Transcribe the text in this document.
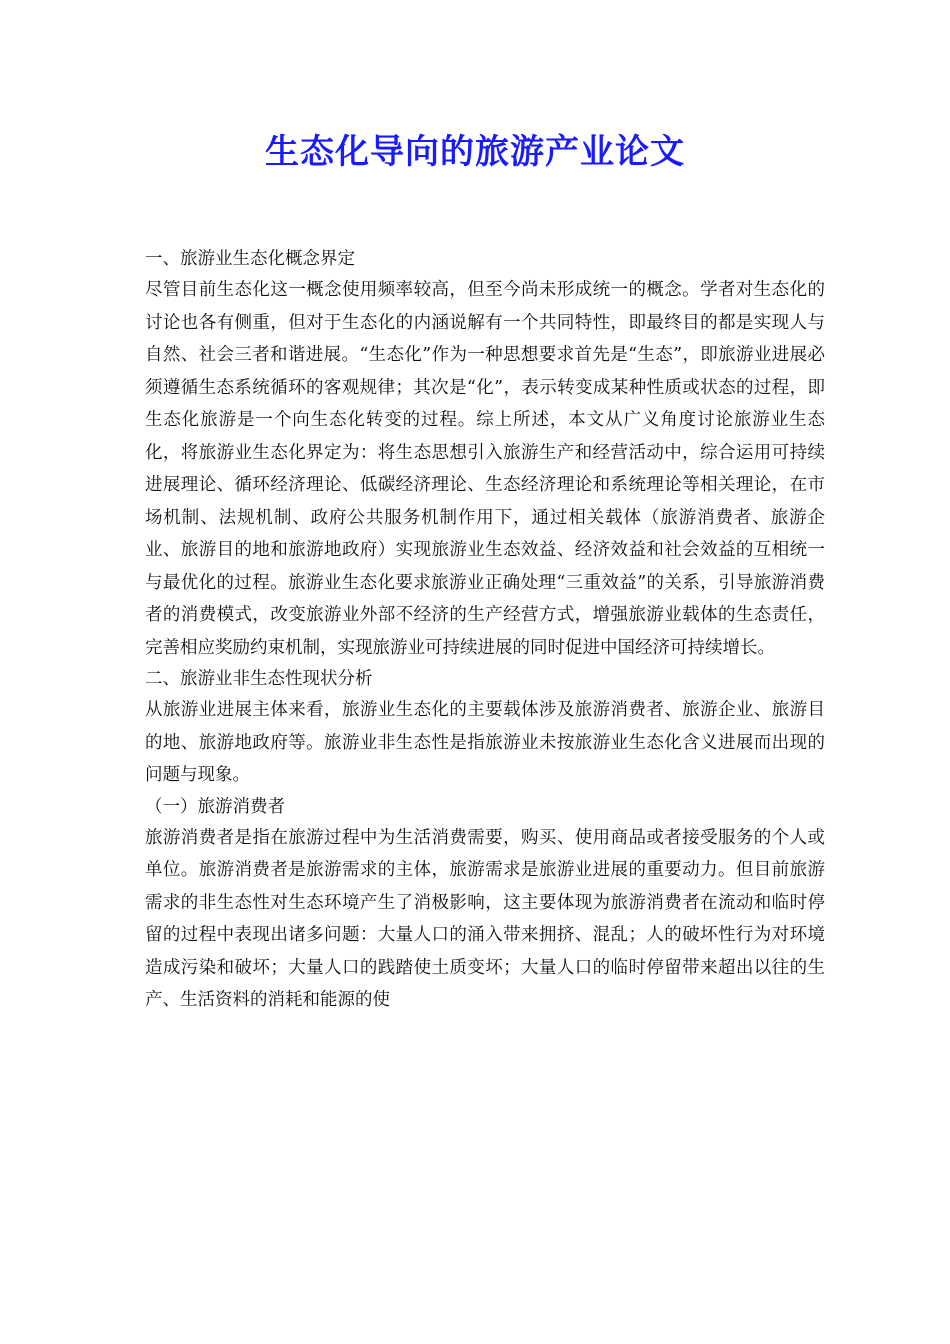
生态化导向的旅游产业论文

一、旅游业生态化概念界定

尽管目前生态化这一概念使用频率较高，但至今尚未形成统一的概念。学者对生态化的讨论也各有侧重，但对于生态化的内涵说解有一个共同特性，即最终目的都是实现人与自然、社会三者和谐进展。“生态化”作为一种思想要求首先是“生态”，即旅游业进展必须遵循生态系统循环的客观规律；其次是“化”，表示转变成某种性质或状态的过程，即生态化旅游是一个向生态化转变的过程。综上所述，本文从广义角度讨论旅游业生态化，将旅游业生态化界定为：将生态思想引入旅游生产和经营活动中，综合运用可持续进展理论、循环经济理论、低碳经济理论、生态经济理论和系统理论等相关理论，在市场机制、法规机制、政府公共服务机制作用下，通过相关载体（旅游消费者、旅游企业、旅游目的地和旅游地政府）实现旅游业生态效益、经济效益和社会效益的互相统一与最优化的过程。旅游业生态化要求旅游业正确处理“三重效益”的关系，引导旅游消费者的消费模式，改变旅游业外部不经济的生产经营方式，增强旅游业载体的生态责任，完善相应奖励约束机制，实现旅游业可持续进展的同时促进中国经济可持续增长。

二、旅游业非生态性现状分析

从旅游业进展主体来看，旅游业生态化的主要载体涉及旅游消费者、旅游企业、旅游目的地、旅游地政府等。旅游业非生态性是指旅游业未按旅游业生态化含义进展而出现的问题与现象。

（一）旅游消费者

旅游消费者是指在旅游过程中为生活消费需要，购买、使用商品或者接受服务的个人或单位。旅游消费者是旅游需求的主体，旅游需求是旅游业进展的重要动力。但目前旅游需求的非生态性对生态环境产生了消极影响，这主要体现为旅游消费者在流动和临时停留的过程中表现出诸多问题：大量人口的涌入带来拥挤、混乱；人的破坏性行为对环境造成污染和破坏；大量人口的践踏使土质变坏；大量人口的临时停留带来超出以往的生产、生活资料的消耗和能源的使
